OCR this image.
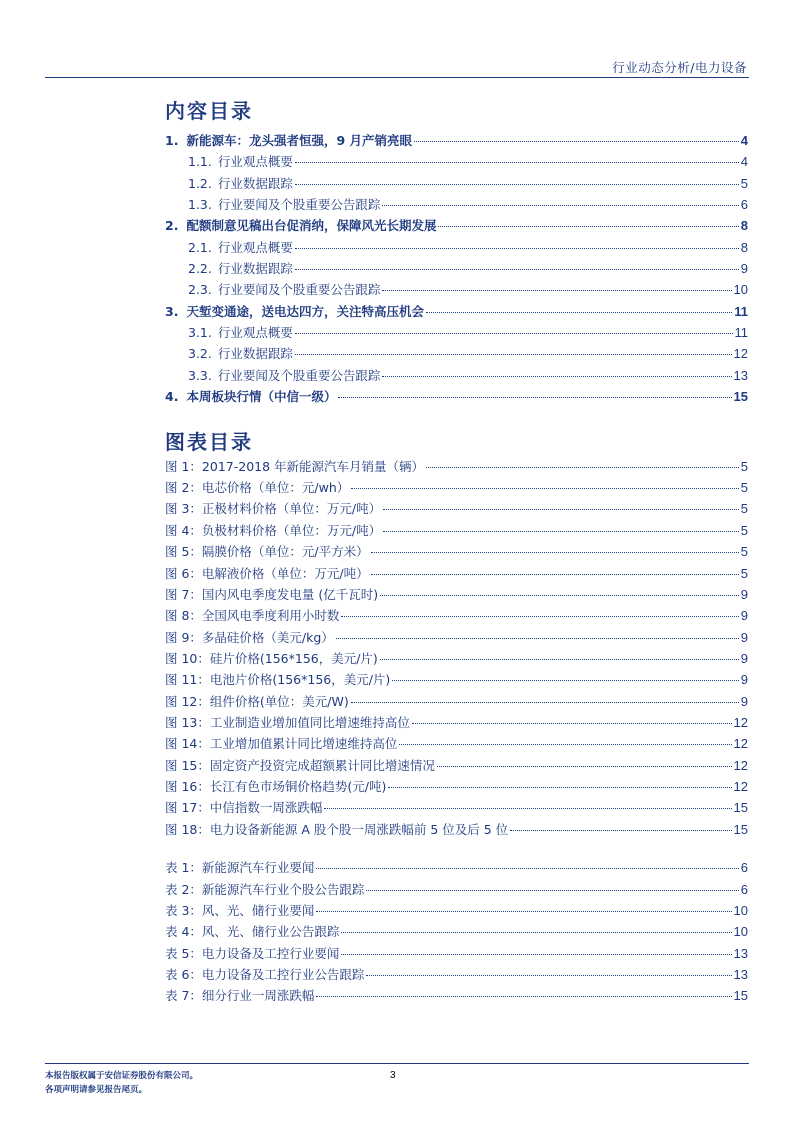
行业动态分析/电力设备
内容目录
1. 新能源车：龙头强者恒强，9 月产销亮眼	4
1.1. 行业观点概要	4
1.2. 行业数据跟踪	5
1.3. 行业要闻及个股重要公告跟踪	6
2. 配额制意见稿出台促消纳，保障风光长期发展	8
2.1. 行业观点概要	8
2.2. 行业数据跟踪	9
2.3. 行业要闻及个股重要公告跟踪	10
3. 天堑变通途，送电达四方，关注特高压机会	11
3.1. 行业观点概要	11
3.2. 行业数据跟踪	12
3.3. 行业要闻及个股重要公告跟踪	13
4. 本周板块行情（中信一级）	15
图表目录
图 1：2017-2018 年新能源汽车月销量（辆）	5
图 2：电芯价格（单位：元/wh）	5
图 3：正极材料价格（单位：万元/吨）	5
图 4：负极材料价格（单位：万元/吨）	5
图 5：隔膜价格（单位：元/平方米）	5
图 6：电解液价格（单位：万元/吨）	5
图 7：国内风电季度发电量 (亿千瓦时)	9
图 8：全国风电季度利用小时数	9
图 9：多晶硅价格（美元/kg）	9
图 10：硅片价格(156*156，美元/片)	9
图 11：电池片价格(156*156，美元/片)	9
图 12：组件价格(单位：美元/W)	9
图 13：工业制造业增加值同比增速维持高位	12
图 14：工业增加值累计同比增速维持高位	12
图 15：固定资产投资完成超额累计同比增速情况	12
图 16：长江有色市场铜价格趋势(元/吨)	12
图 17：中信指数一周涨跌幅	15
图 18：电力设备新能源 A 股个股一周涨跌幅前 5 位及后 5 位	15
表 1：新能源汽车行业要闻	6
表 2：新能源汽车行业个股公告跟踪	6
表 3：风、光、储行业要闻	10
表 4：风、光、储行业公告跟踪	10
表 5：电力设备及工控行业要闻	13
表 6：电力设备及工控行业公告跟踪	13
表 7：细分行业一周涨跌幅	15
本报告版权属于安信证券股份有限公司。
各项声明请参见报告尾页。
3
